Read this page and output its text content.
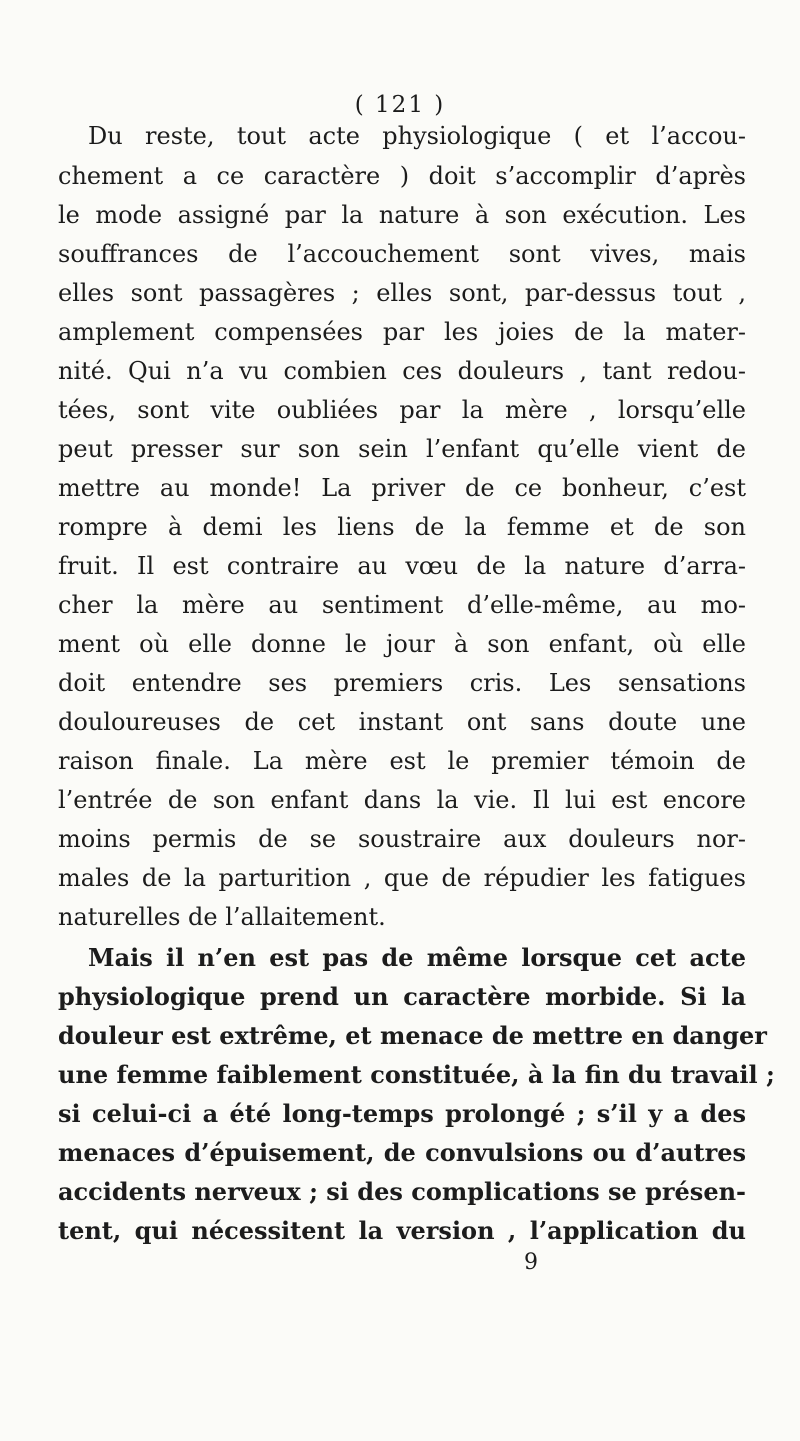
( 121 )
Du reste, tout acte physiologique ( et l’accou-
chement a ce caractère ) doit s’accomplir d’après
le mode assigné par la nature à son exécution. Les
souffrances de l’accouchement sont vives, mais
elles sont passagères ; elles sont, par-dessus tout ,
amplement compensées par les joies de la mater-
nité. Qui n’a vu combien ces douleurs , tant redou-
tées, sont vite oubliées par la mère , lorsqu’elle
peut presser sur son sein l’enfant qu’elle vient de
mettre au monde! La priver de ce bonheur, c’est
rompre à demi les liens de la femme et de son
fruit. Il est contraire au vœu de la nature d’arra-
cher la mère au sentiment d’elle-même, au mo-
ment où elle donne le jour à son enfant, où elle
doit entendre ses premiers cris. Les sensations
douloureuses de cet instant ont sans doute une
raison finale. La mère est le premier témoin de
l’entrée de son enfant dans la vie. Il lui est encore
moins permis de se soustraire aux douleurs nor-
males de la parturition , que de répudier les fatigues
naturelles de l’allaitement.
Mais il n’en est pas de même lorsque cet acte
physiologique prend un caractère morbide. Si la
douleur est extrême, et menace de mettre en danger
une femme faiblement constituée, à la fin du travail ;
si celui-ci a été long-temps prolongé ; s’il y a des
menaces d’épuisement, de convulsions ou d’autres
accidents nerveux ; si des complications se présen-
tent, qui nécessitent la version , l’application du
9
